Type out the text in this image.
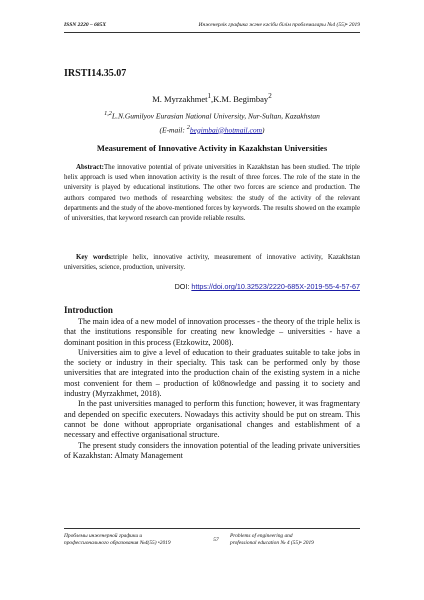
ISSN 2220 – 685X	Инженерлік графика және кәсіби білім проблемалары №4 (55)• 2019
IRSTI14.35.07
M. Myrzakhmet$^1$,K.M. Begimbay$^2$
$^{1,2}$L.N.Gumilyov Eurasian National University, Nur-Sultan, Kazakhstan
(E-mail: $^2$begimbai@hotmail.com)
Measurement of Innovative Activity in Kazakhstan Universities
Abstract:The innovative potential of private universities in Kazakhstan has been studied. The triple helix approach is used when innovation activity is the result of three forces. The role of the state in the university is played by educational institutions. The other two forces are science and production. The authors compared two methods of researching websites: the study of the activity of the relevant departments and the study of the above-mentioned forces by keywords. The results showed on the example of universities, that keyword research can provide reliable results.
Key words:triple helix, innovative activity, measurement of innovative activity, Kazakhstan universities, science, production, university.
DOI: https://doi.org/10.32523/2220-685X-2019-55-4-57-67
Introduction

The main idea of a new model of innovation processes - the theory of the triple helix is that the institutions responsible for creating new knowledge – universities - have a dominant position in this process (Etzkowitz, 2008).

Universities aim to give a level of education to their graduates suitable to take jobs in the society or industry in their specialty. This task can be performed only by those universities that are integrated into the production chain of the existing system in a niche most convenient for them – production of k08nowledge and passing it to society and industry (Myrzakhmet, 2018).

In the past universities managed to perform this function; however, it was fragmentary and depended on specific executers. Nowadays this activity should be put on stream. This cannot be done without appropriate organisational changes and establishment of a necessary and effective organisational structure.

The present study considers the innovation potential of the leading private universities of Kazakhstan: Almaty Management

Проблемы инженерной графики и
профессионального образования №4(55) •2019	57
Problems of engineering and
professional education № 4 (55)• 2019
